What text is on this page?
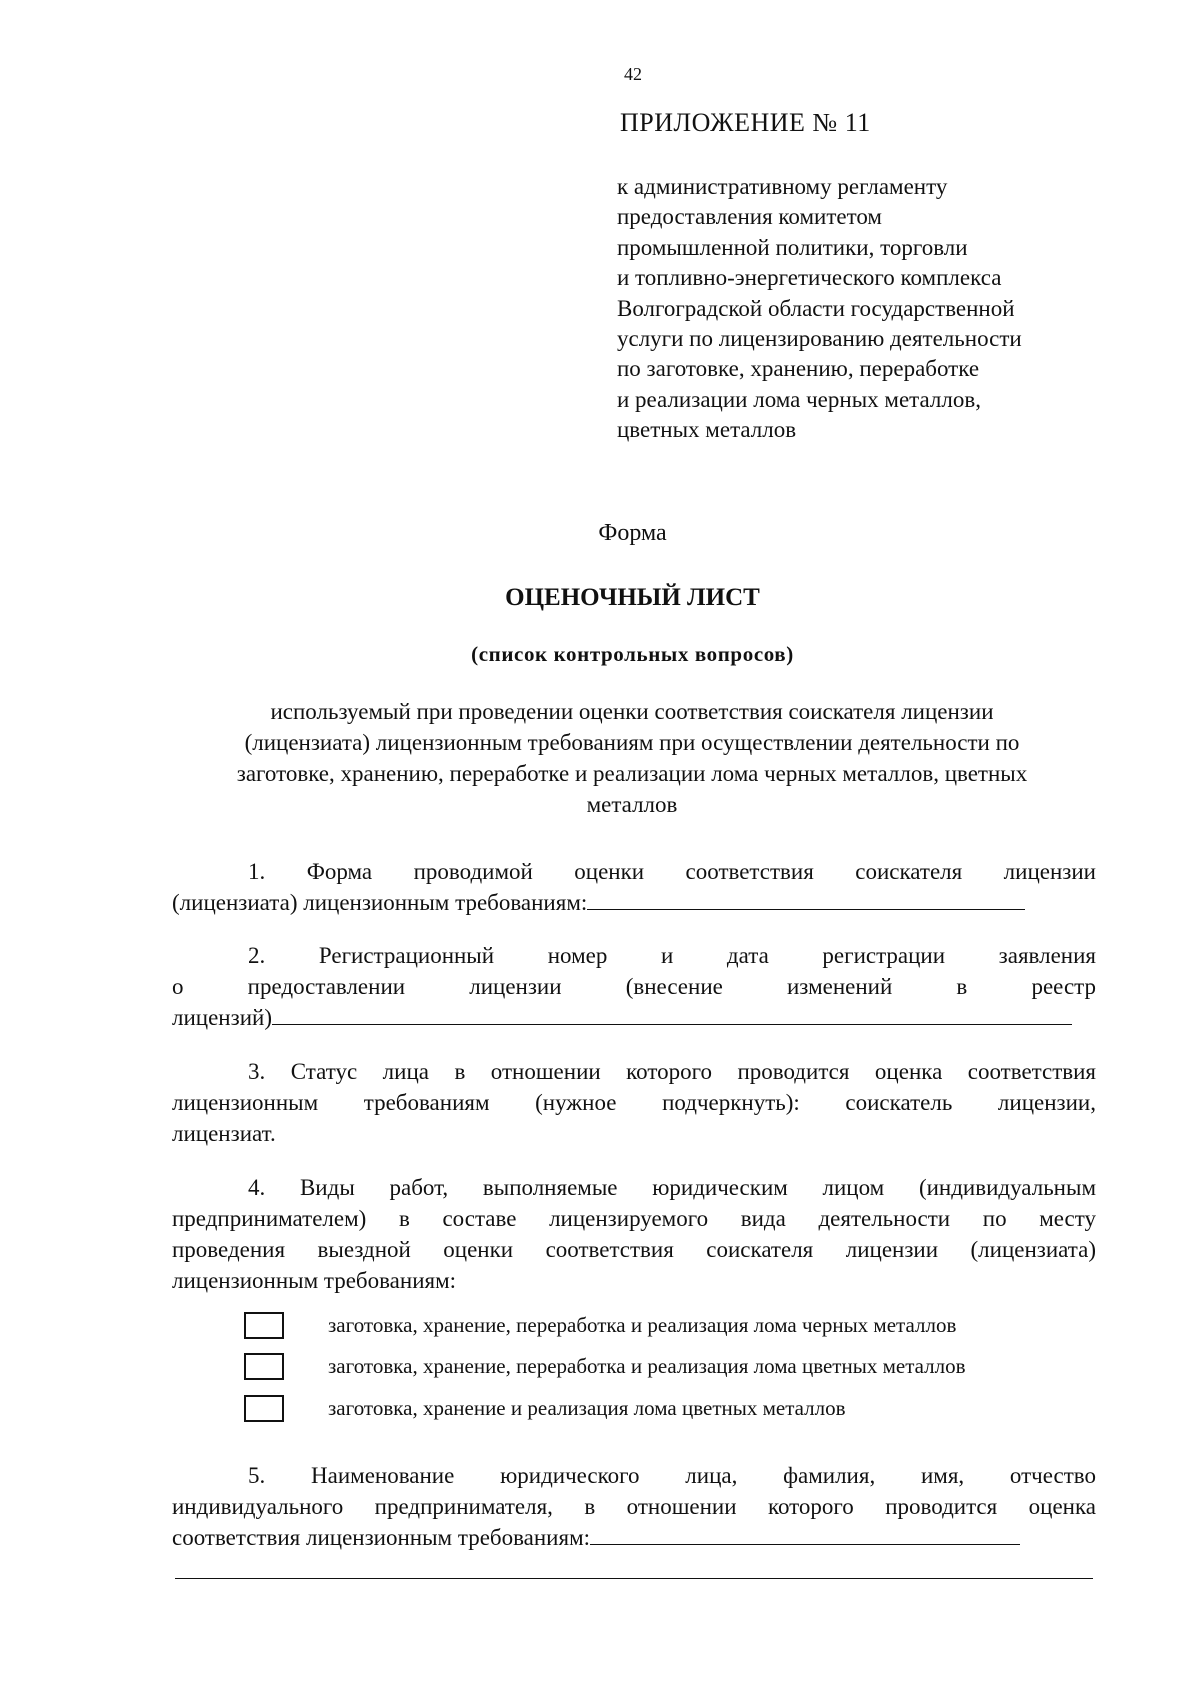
42
ПРИЛОЖЕНИЕ № 11
к административному регламенту
предоставления комитетом
промышленной политики, торговли
и топливно-энергетического комплекса
Волгоградской области государственной
услуги по лицензированию деятельности
по заготовке, хранению, переработке
и реализации лома черных металлов,
цветных металлов
Форма
ОЦЕНОЧНЫЙ ЛИСТ
(список контрольных вопросов)
используемый при проведении оценки соответствия соискателя лицензии
(лицензиата) лицензионным требованиям при осуществлении деятельности по
заготовке, хранению, переработке и реализации лома черных металлов, цветных
металлов
1. Форма проводимой оценки соответствия соискателя лицензии
(лицензиата) лицензионным требованиям:
2. Регистрационный номер и дата регистрации заявления
о предоставлении лицензии (внесение изменений в реестр
лицензий)
3. Статус лица в отношении которого проводится оценка соответствия
лицензионным требованиям (нужное подчеркнуть): соискатель лицензии,
лицензиат.
4. Виды работ, выполняемые юридическим лицом (индивидуальным
предпринимателем) в составе лицензируемого вида деятельности по месту
проведения выездной оценки соответствия соискателя лицензии (лицензиата)
лицензионным требованиям:
заготовка, хранение, переработка и реализация лома черных металлов
заготовка, хранение, переработка и реализация лома цветных металлов
заготовка, хранение и реализация лома цветных металлов
5. Наименование юридического лица, фамилия, имя, отчество
индивидуального предпринимателя, в отношении которого проводится оценка
соответствия лицензионным требованиям:
